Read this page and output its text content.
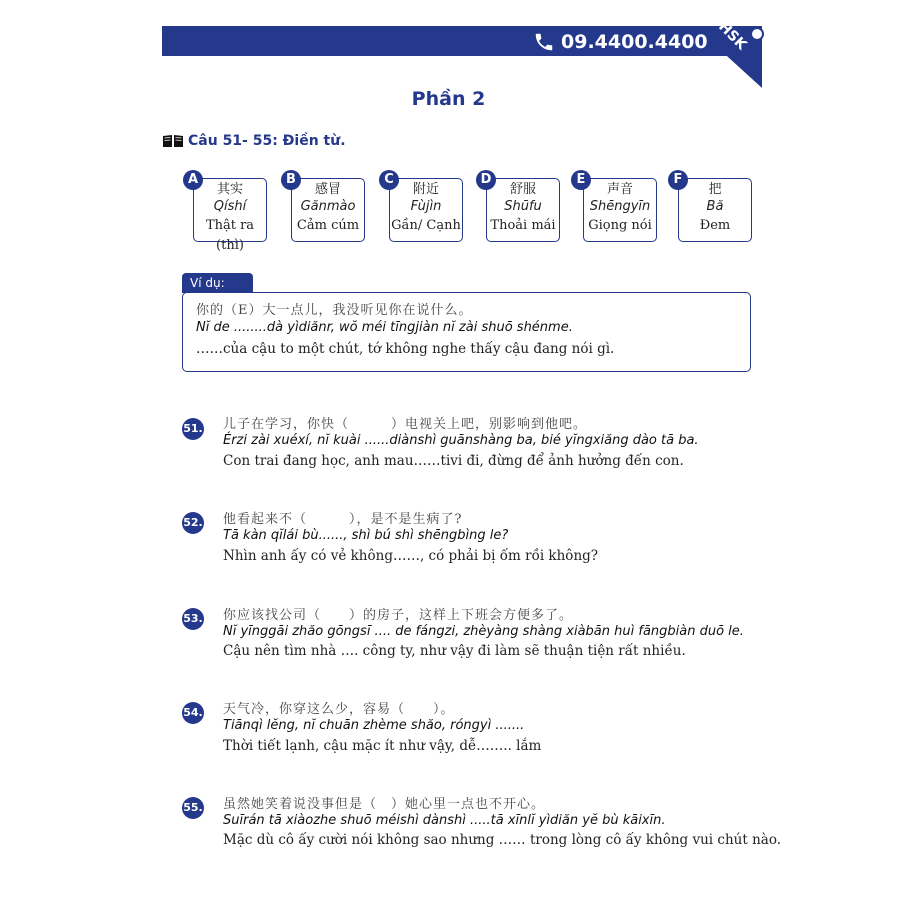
09.4400.4400 HSK
Phần 2
Câu 51- 55: Điền từ.
其实
Qíshí
Thật ra (thì)
A
感冒
Gănmào
Cảm cúm
B
附近
Fùjìn
Gần/ Cạnh
C
舒服
Shūfu
Thoải mái
D
声音
Shēngyīn
Giọng nói
E
把
Bă
Đem
F
Ví dụ:
你的（E）大一点儿，我没听见你在说什么。
Nĭ de ........dà yìdiănr, wŏ méi tīngjiàn nĭ zài shuō shénme.
……của cậu to một chút, tớ không nghe thấy cậu đang nói gì.
51. 儿子在学习，你快（　　　）电视关上吧，别影响到他吧。
Érzi zài xuéxí, nĭ kuài ......diànshì guānshàng ba, bié yĭngxiăng dào tā ba.
Con trai đang học, anh mau……tivi đi, đừng để ảnh hưởng đến con.
52. 他看起来不（　　　），是不是生病了?
Tā kàn qĭlái bù......, shì bú shì shēngbìng le?
Nhìn anh ấy có vẻ không……, có phải bị ốm rồi không?
53. 你应该找公司（　　）的房子，这样上下班会方便多了。
Nĭ yīnggāi zhăo gōngsī .... de fángzi, zhèyàng shàng xiàbān huì fāngbiàn duō le.
Cậu nên tìm nhà …. công ty, như vậy đi làm sẽ thuận tiện rất nhiều.
54. 天气冷，你穿这么少，容易（　　）。
Tiānqì lĕng, nĭ chuān zhème shăo, róngyì .......
Thời tiết lạnh, cậu mặc ít như vậy, dễ…….. lắm
55. 虽然她笑着说没事但是（　）她心里一点也不开心。
Suīrán tā xiàozhe shuō méishì dànshì .....tā xīnlĭ yìdiăn yĕ bù kāixīn.
Mặc dù cô ấy cười nói không sao nhưng …… trong lòng cô ấy không vui chút nào.
